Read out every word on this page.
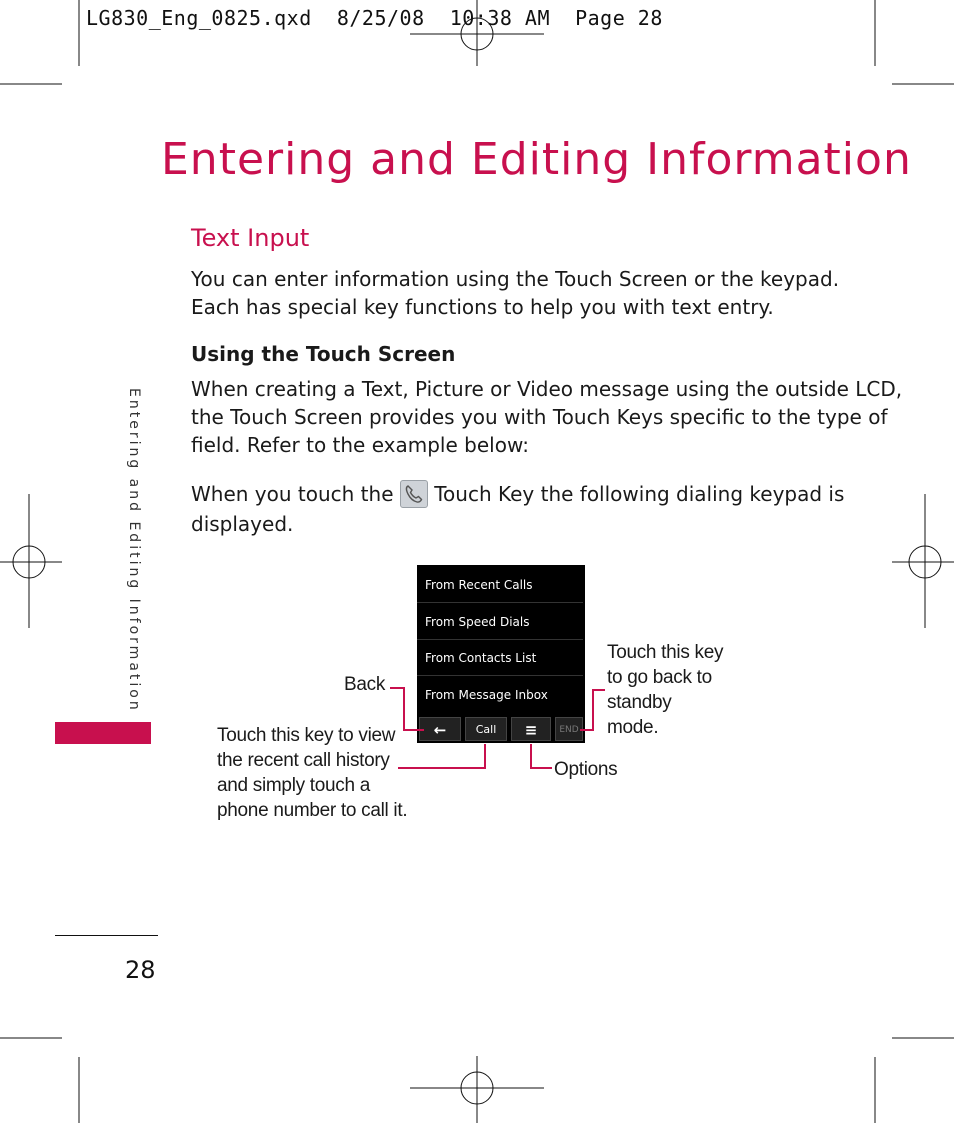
LG830_Eng_0825.qxd  8/25/08  10:38 AM  Page 28
Entering and Editing Information
Text Input
You can enter information using the Touch Screen or the keypad.
Each has special key functions to help you with text entry.
Using the Touch Screen
When creating a Text, Picture or Video message using the outside LCD,
the Touch Screen provides you with Touch Keys specific to the type of
field. Refer to the example below:
When you touch the Touch Key the following dialing keypad is
displayed.
Entering and Editing Information	From Recent Calls
From Speed Dials
From Contacts List
From Message Inbox
←	Call	≡	END
Back
Touch this key to view
the recent call history
and simply touch a
phone number to call it.
Touch this key
to go back to
standby
mode.
Options
28
